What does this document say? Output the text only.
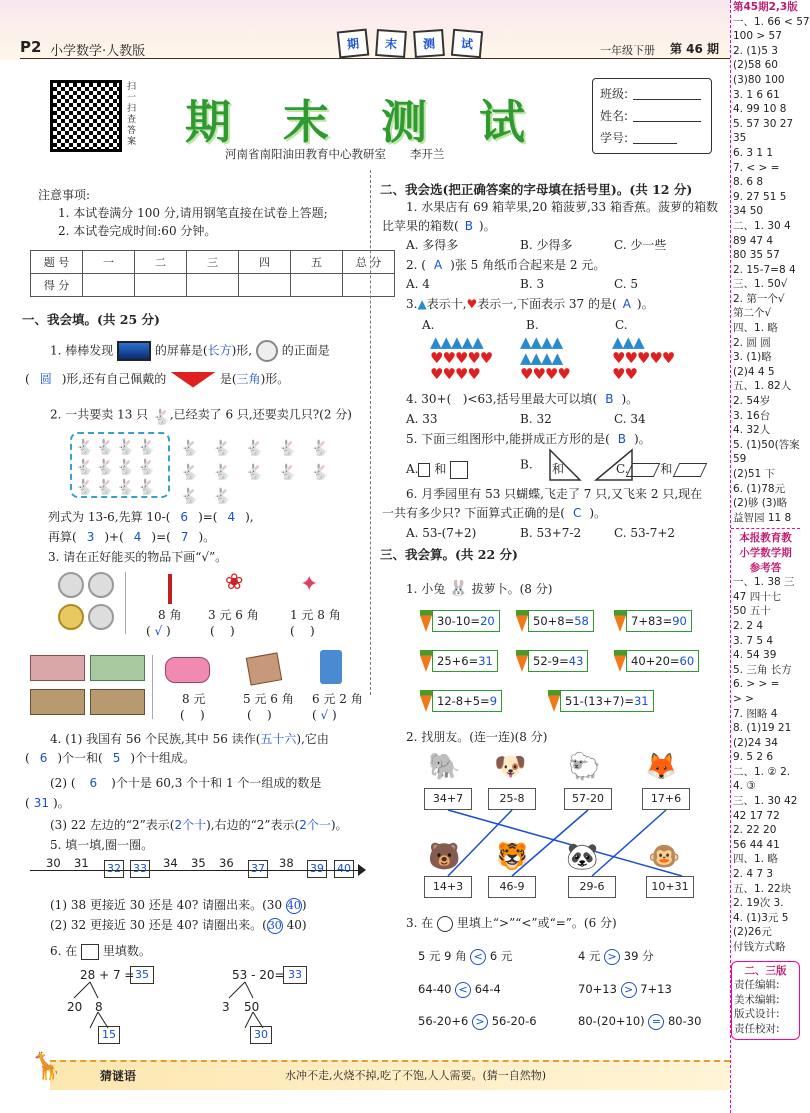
P2 小学数学·人教版	期 末 测 试	一年级下册 第 46 期
扫一扫 查答案 期 末 测 试
河南省南阳油田教育中心教研室 李开兰
班级:
姓名:
学号:
注意事项:
1. 本试卷满分 100 分,请用钢笔直接在试卷上答题;
2. 本试卷完成时间:60 分钟。
题 号	一	二	三	四	五	总 分
得 分						
一、我会填。(共 25 分)
1. 棒棒发现	的屏幕是(长方)形, 的正面是
( 圆 )形,还有自己佩戴的	是(三角)形。
2. 一共要卖 13 只 🐇 ,已经卖了 6 只,还要卖几只?(2 分)
🐇🐇🐇🐇🐇🐇🐇🐇🐇🐇🐇🐇
🐇🐇🐇🐇🐇🐇🐇🐇🐇🐇🐇🐇
列式为 13-6,先算 10-( 6 )=( 4 ),
再算( 3 )+( 4 )=( 7 )。
3. 请在正好能买的物品下画“√”。
❀	✦
8 角 3 元 6 角	1 元 8 角
( √ )	(    )	(    )
8 元	5 元 6 角 6 元 2 角
(    )	(    )	( √ )
4. (1) 我国有 56 个民族,其中 56 读作(五十六),它由
( 6 )个一和( 5 )个十组成。
(2) ( 6 )个十是 60,3 个十和 1 个一组成的数是
( 31 )。
(3) 22 左边的“2”表示(2个十),右边的“2”表示(2个一)。
5. 填一填,圈一圈。
30 31 32 33 34 35 36 37 38 39 40
(1) 38 更接近 30 还是 40? 请圈出来。(30 40)
(2) 32 更接近 30 还是 40? 请圈出来。(30 40)
6. 在 里填数。
28 + 7 = 35
20 8
15
53 - 20= 33
3 50
30
二、我会选(把正确答案的字母填在括号里)。(共 12 分)
1. 水果店有 69 箱苹果,20 箱菠萝,33 箱香蕉。菠萝的箱数
比苹果的箱数( B )。
A. 多得多	B. 少得多	C. 少一些
2. ( A )张 5 角纸币合起来是 2 元。
A. 4	B. 3	C. 5
3.▲表示十,♥表示一,下面表示 37 的是( A )。
A.	B.	C.
▲▲▲▲▲
♥♥♥♥♥
♥♥♥♥
▲▲▲▲
▲▲▲▲
♥♥♥♥
▲▲▲
♥♥♥♥♥
♥♥
4. 30+( )<63,括号里最大可以填( B )。
A. 33	B. 32	C. 34
5. 下面三组图形中,能拼成正方形的是( B )。
A. 和	B.	和	C.	和
6. 月季园里有 53 只蝴蝶,飞走了 7 只,又飞来 2 只,现在
一共有多少只? 下面算式正确的是( C )。
A. 53-(7+2)	B. 53+7-2	C. 53-7+2
三、我会算。(共 22 分)
1. 小兔 🐰 拔萝卜。(8 分)
30-10=20	50+8=58	7+83=90
25+6=31	52-9=43	40+20=60
12-8+5=9	51-(13+7)=31
2. 找朋友。(连一连)(8 分)
🐘 🐶 🐑 🦊
34+7	25-8	57-20	17+6
🐻 🐯 🐼 🐵
14+3	46-9	29-6	10+31
3. 在 里填上“>”“<”或“=”。(6 分)
5 元 9 角 < 6 元	4 元 > 39 分
64-40 < 64-4	70+13 > 7+13
56-20+6 > 56-20-6	80-(20+10) = 80-30
🦒	猜谜语	水冲不走,火烧不掉,吃了不饱,人人需要。(猜一自然物)
第45期2,3版
一、1. 66 < 57
100 > 57
2. (1)5 3
(2)58 60
(3)80 100
3. 1 6 61
4. 99 10 8
5. 57 30 27
35
6. 3 1 1
7. < > =
8. 6 8
9. 27 51 5
34 50
二、1. 30 4
89 47 4
80 35 57
2. 15-7=8 4
三、1. 50√
2. 第一个√
第二个√
四、1. 略
2. 圆 圆
3. (1)略
(2)4 4 5
五、1. 82人
2. 54岁
3. 16台
4. 32人
5. (1)50(答案
59
(2)51 下
6. (1)78元
(2)够 (3)略
益智园 11 8
本报教育教
小学数学期
参考答
一、1. 38 三
47 四十七
50 五十
2. 2 4
3. 7 5 4
4. 54 39
5. 三角 长方
6. > > =
> >
7. 图略 4
8. (1)19 21
(2)24 34
9. 5 2 6
二、1. ② 2.
4. ③
三、1. 30 42
42 17 72
2. 22 20
56 44 41
四、1. 略
2. 4 7 3
五、1. 22块
2. 19次 3.
4. (1)3元 5
(2)26元
付钱方式略
二、三版
责任编辑:
美术编辑:
版式设计:
责任校对:
